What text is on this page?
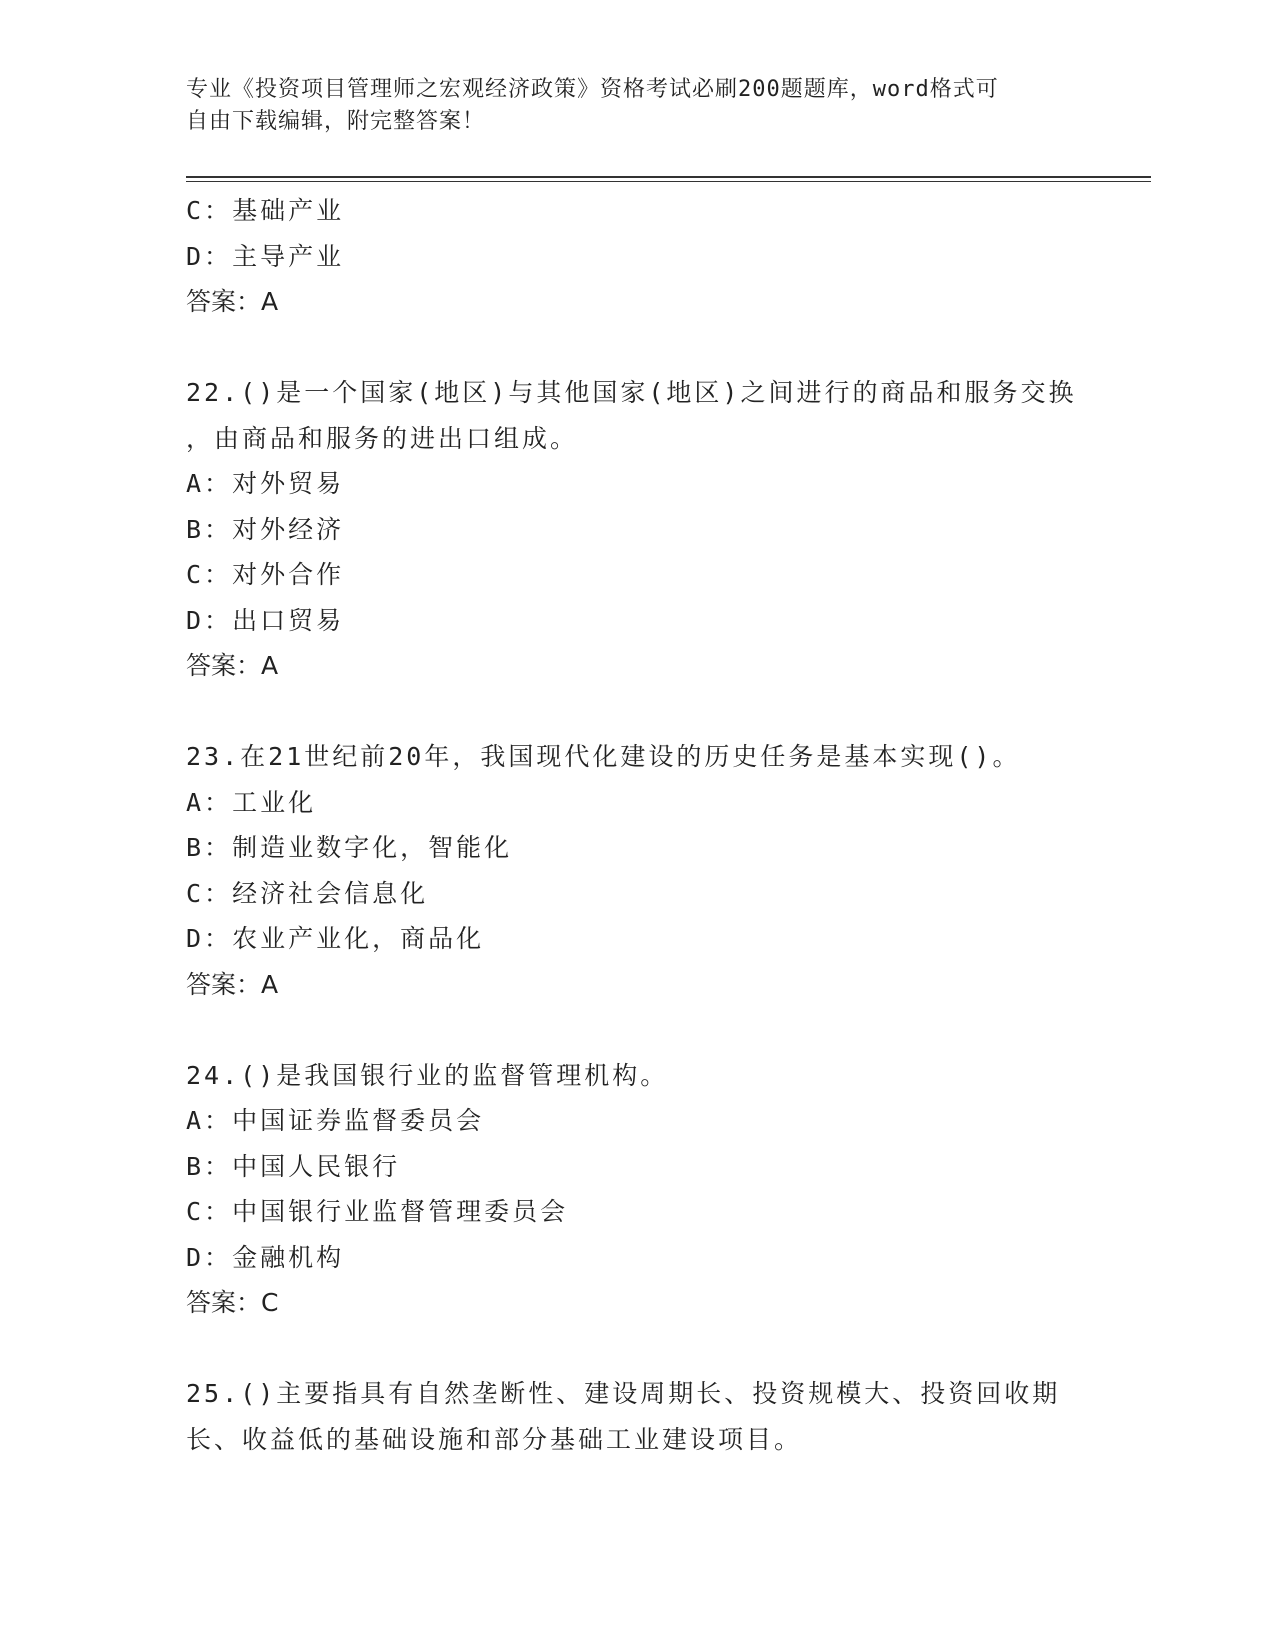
专业《投资项目管理师之宏观经济政策》资格考试必刷200题题库，word格式可
自由下载编辑，附完整答案！
C：基础产业
D：主导产业
答案：A
22.()是一个国家(地区)与其他国家(地区)之间进行的商品和服务交换
，由商品和服务的进出口组成。
A：对外贸易
B：对外经济
C：对外合作
D：出口贸易
答案：A
23.在21世纪前20年，我国现代化建设的历史任务是基本实现()。
A：工业化
B：制造业数字化，智能化
C：经济社会信息化
D：农业产业化，商品化
答案：A
24.()是我国银行业的监督管理机构。
A：中国证券监督委员会
B：中国人民银行
C：中国银行业监督管理委员会
D：金融机构
答案：C
25.()主要指具有自然垄断性、建设周期长、投资规模大、投资回收期
长、收益低的基础设施和部分基础工业建设项目。
